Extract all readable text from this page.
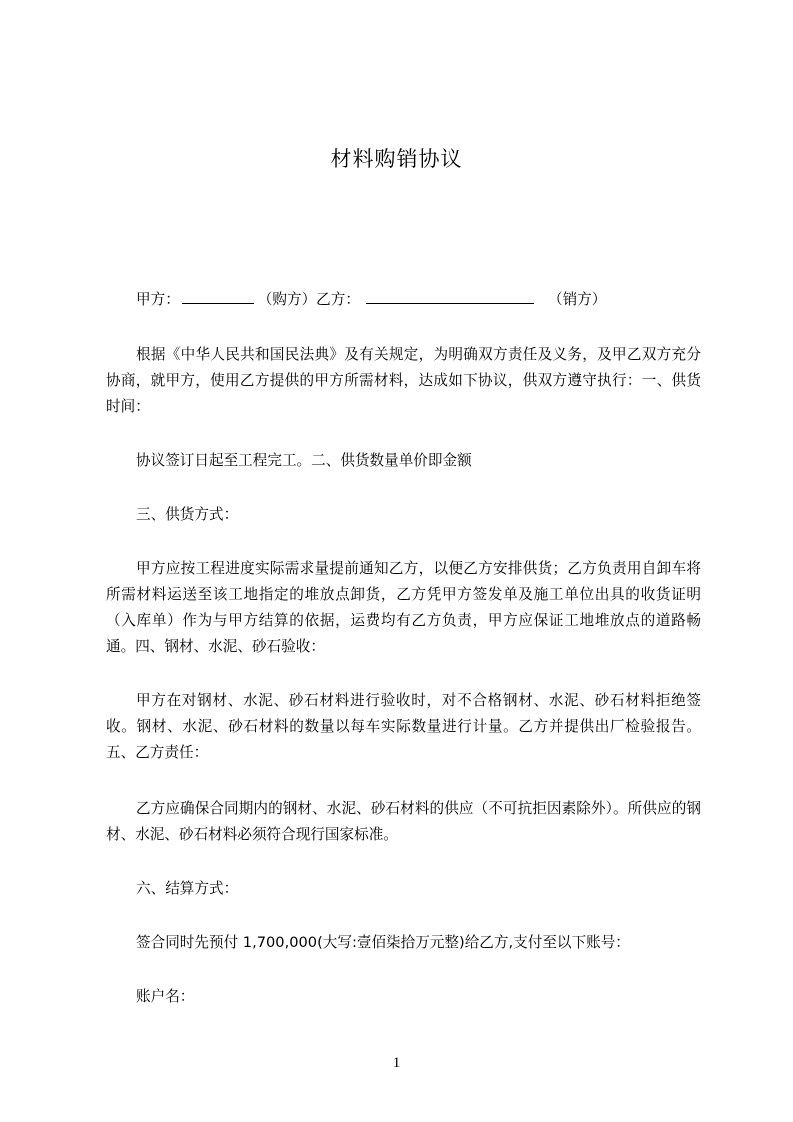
材料购销协议
甲方：	（购方）乙方：	（销方）
根据《中华人民共和国民法典》及有关规定，为明确双方责任及义务，及甲乙双方充分协商，就甲方，使用乙方提供的甲方所需材料，达成如下协议，供双方遵守执行：一、供货时间：
协议签订日起至工程完工。二、供货数量单价即金额
三、供货方式：
甲方应按工程进度实际需求量提前通知乙方，以便乙方安排供货；乙方负责用自卸车将所需材料运送至该工地指定的堆放点卸货，乙方凭甲方签发单及施工单位出具的收货证明（入库单）作为与甲方结算的依据，运费均有乙方负责，甲方应保证工地堆放点的道路畅通。四、钢材、水泥、砂石验收：
甲方在对钢材、水泥、砂石材料进行验收时，对不合格钢材、水泥、砂石材料拒绝签收。钢材、水泥、砂石材料的数量以每车实际数量进行计量。乙方并提供出厂检验报告。五、乙方责任：
乙方应确保合同期内的钢材、水泥、砂石材料的供应（不可抗拒因素除外）。所供应的钢材、水泥、砂石材料必须符合现行国家标准。
六、结算方式：
签合同时先预付 1,700,000(大写:壹佰柒拾万元整)给乙方,支付至以下账号：
账户名：
1
